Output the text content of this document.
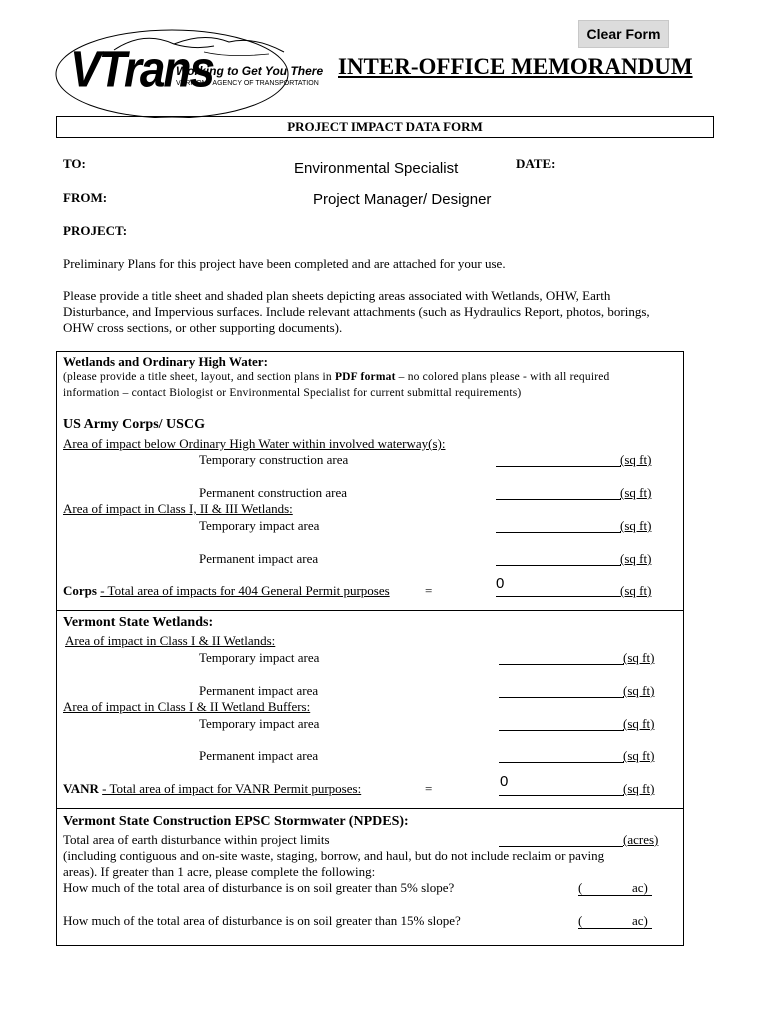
Clear Form
VTrans
Working to Get You There
VERMONT AGENCY OF TRANSPORTATION
INTER-OFFICE MEMORANDUM
PROJECT IMPACT DATA FORM
TO:	Environmental Specialist	DATE:
FROM:	Project Manager/ Designer
PROJECT:
Preliminary Plans for this project have been completed and are attached for your use.
Please provide a title sheet and shaded plan sheets depicting areas associated with Wetlands, OHW, Earth
Disturbance, and Impervious surfaces. Include relevant attachments (such as Hydraulics Report, photos, borings,
OHW cross sections, or other supporting documents).
Wetlands and Ordinary High Water:
(please provide a title sheet, layout, and section plans in PDF format – no colored plans please - with all required
information – contact Biologist or Environmental Specialist for current submittal requirements)
US Army Corps/ USCG
Area of impact below Ordinary High Water within involved waterway(s):
Temporary construction area	(sq ft)
Permanent construction area	(sq ft)
Area of impact in Class I, II & III Wetlands:
Temporary impact area	(sq ft)
Permanent impact area	(sq ft)
Corps - Total area of impacts for 404 General Permit purposes	=	0	(sq ft)
Vermont State Wetlands:
Area of impact in Class I & II Wetlands:
Temporary impact area	(sq ft)
Permanent impact area	(sq ft)
Area of impact in Class I & II Wetland Buffers:
Temporary impact area	(sq ft)
Permanent impact area	(sq ft)
VANR - Total area of impact for VANR Permit purposes:	=	0	(sq ft)
Vermont State Construction EPSC Stormwater (NPDES):
Total area of earth disturbance within project limits	(acres)
(including contiguous and on-site waste, staging, borrow, and haul, but do not include reclaim or paving
areas). If greater than 1 acre, please complete the following:
How much of the total area of disturbance is on soil greater than 5% slope?	(	ac)
How much of the total area of disturbance is on soil greater than 15% slope?	(	ac)
